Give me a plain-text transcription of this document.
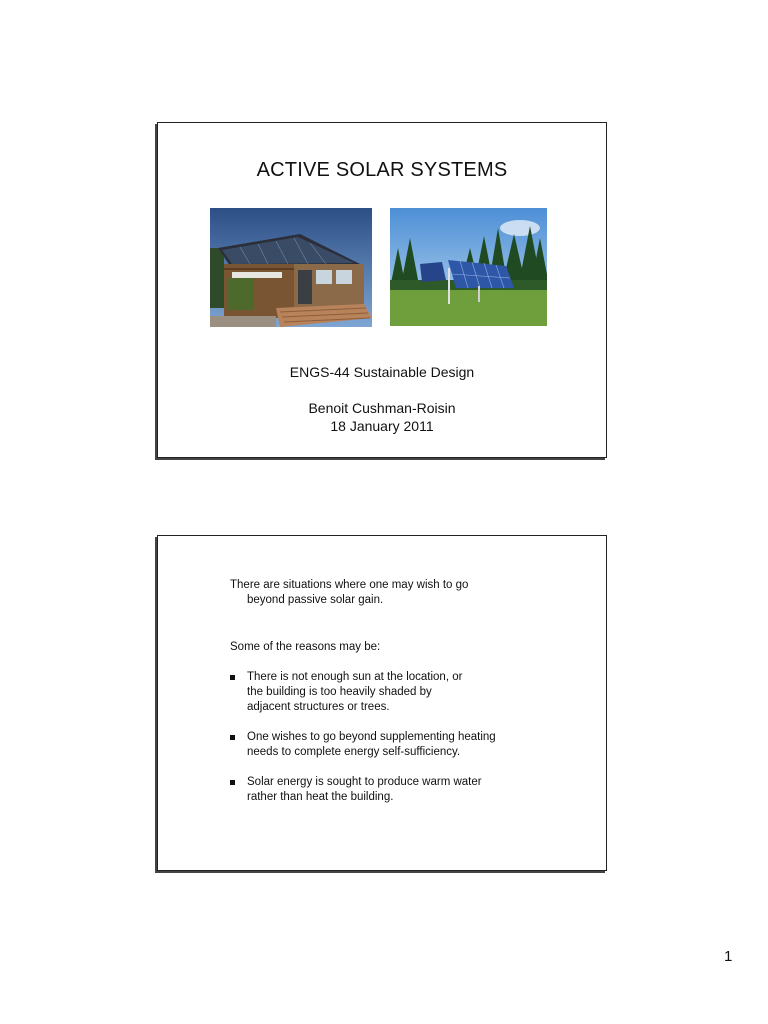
ACTIVE SOLAR SYSTEMS
ENGS-44 Sustainable Design
Benoit Cushman-Roisin
18 January 2011
There are situations where one may wish to go
beyond passive solar gain.
Some of the reasons may be:
There is not enough sun at the location, or
the building is too heavily shaded by
adjacent structures or trees.
One wishes to go beyond supplementing heating
needs to complete energy self-sufficiency.
Solar energy is sought to produce warm water
rather than heat the building.
1
